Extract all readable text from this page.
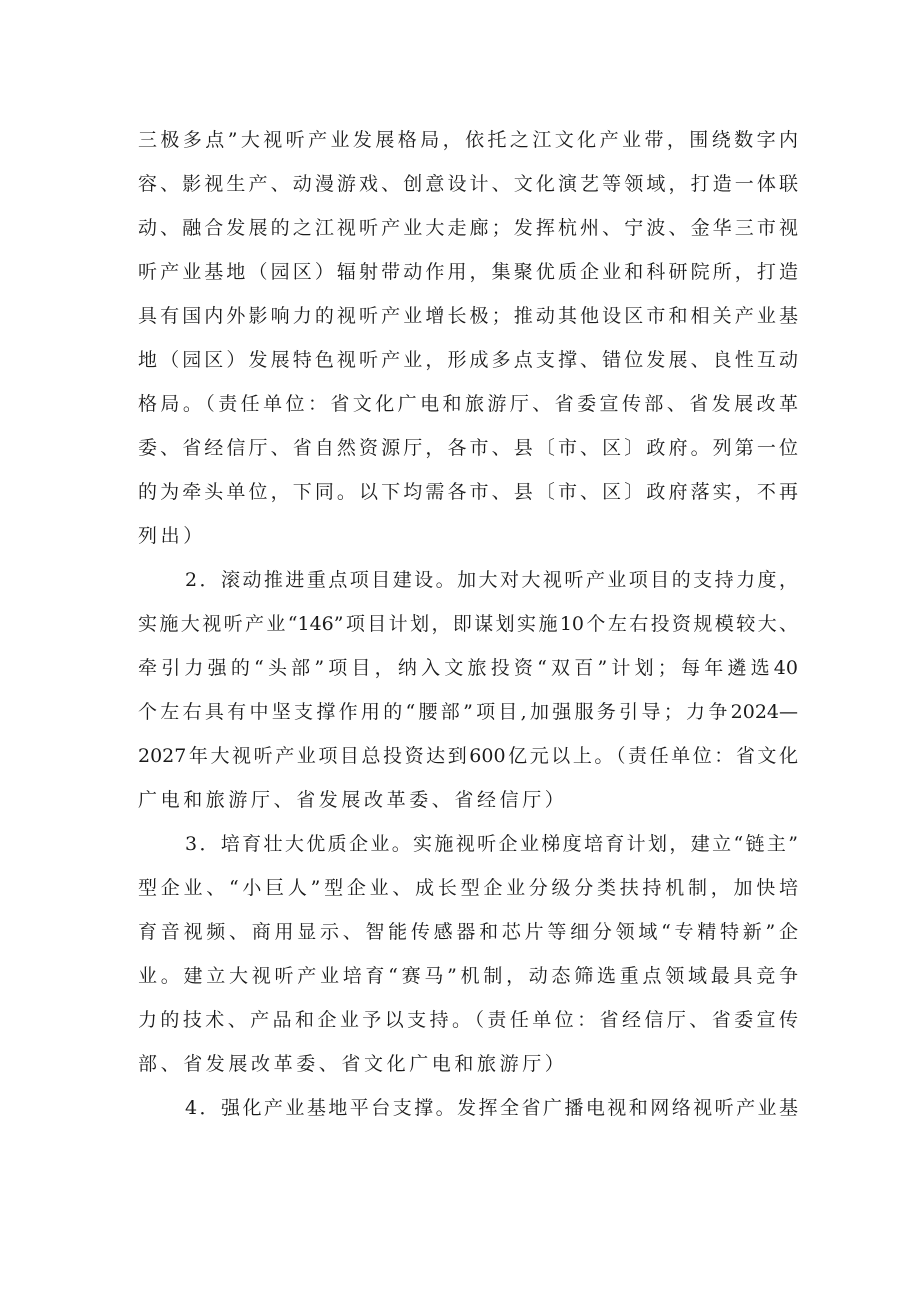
三极多点”大视听产业发展格局，依托之江文化产业带，围绕数字内
容、影视生产、动漫游戏、创意设计、文化演艺等领域，打造一体联
动、融合发展的之江视听产业大走廊；发挥杭州、宁波、金华三市视
听产业基地（园区）辐射带动作用，集聚优质企业和科研院所，打造
具有国内外影响力的视听产业增长极；推动其他设区市和相关产业基
地（园区）发展特色视听产业，形成多点支撑、错位发展、良性互动
格局。（责任单位：省文化广电和旅游厅、省委宣传部、省发展改革
委、省经信厅、省自然资源厅，各市、县〔市、区〕政府。列第一位
的为牵头单位，下同。以下均需各市、县〔市、区〕政府落实，不再
列出）
2．滚动推进重点项目建设。加大对大视听产业项目的支持力度，
实施大视听产业“146”项目计划，即谋划实施10个左右投资规模较大、
牵引力强的“头部”项目，纳入文旅投资“双百”计划；每年遴选40
个左右具有中坚支撑作用的“腰部”项目,加强服务引导；力争2024—
2027年大视听产业项目总投资达到600亿元以上。（责任单位：省文化
广电和旅游厅、省发展改革委、省经信厅）
3．培育壮大优质企业。实施视听企业梯度培育计划，建立“链主”
型企业、“小巨人”型企业、成长型企业分级分类扶持机制，加快培
育音视频、商用显示、智能传感器和芯片等细分领域“专精特新”企
业。建立大视听产业培育“赛马”机制，动态筛选重点领域最具竞争
力的技术、产品和企业予以支持。（责任单位：省经信厅、省委宣传
部、省发展改革委、省文化广电和旅游厅）
4．强化产业基地平台支撑。发挥全省广播电视和网络视听产业基
